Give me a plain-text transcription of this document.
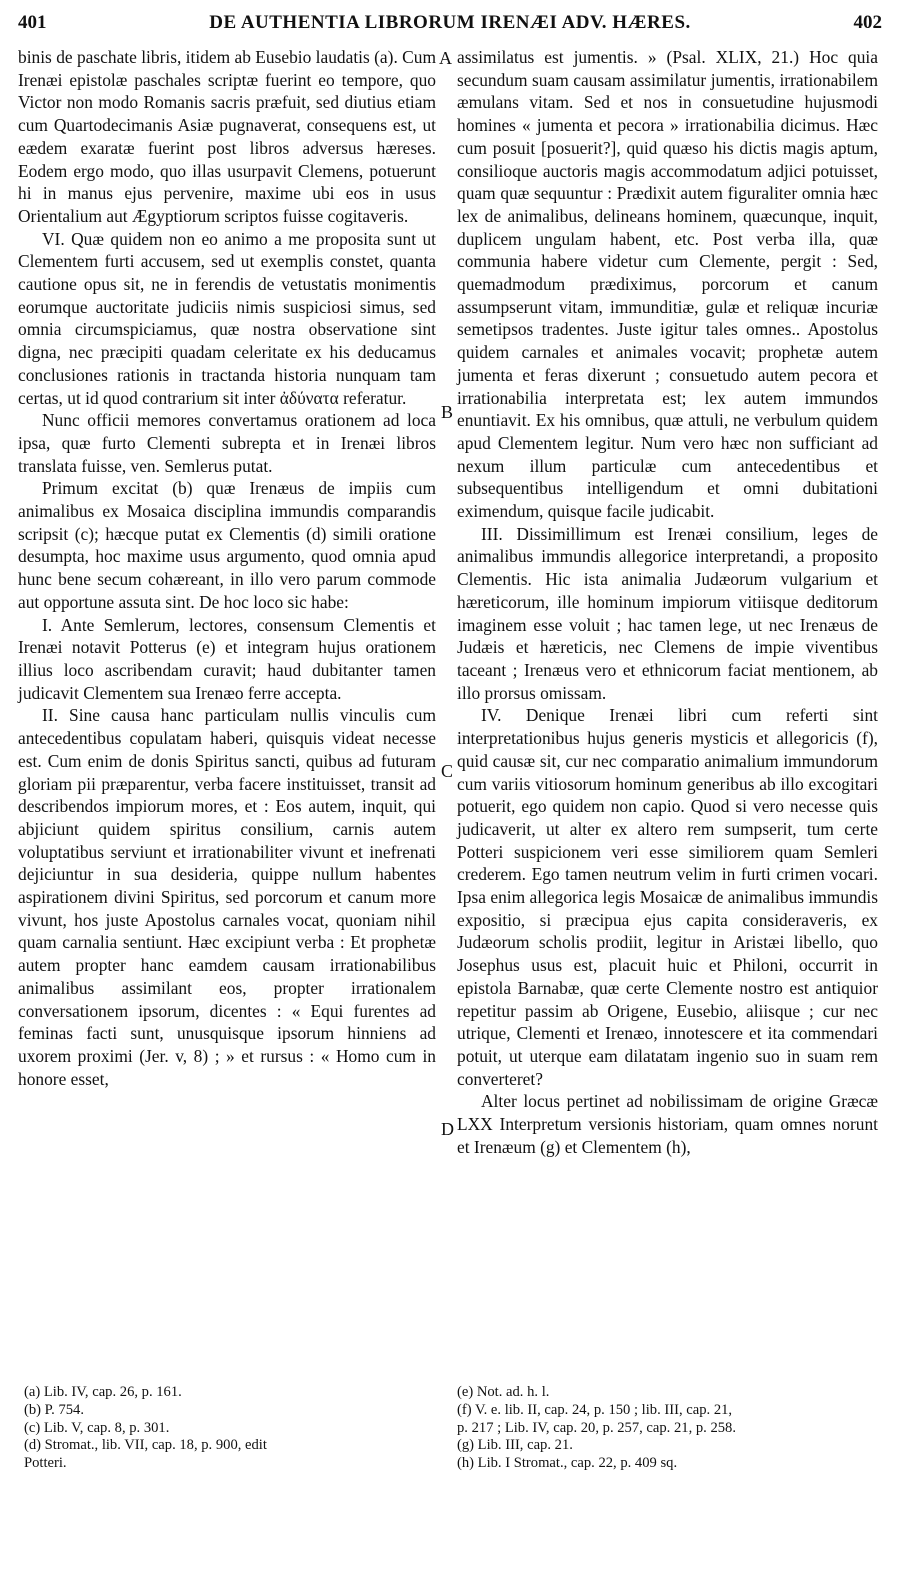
401	DE AUTHENTIA LIBRORUM IRENÆI ADV. HÆRES.	402
A
B
C
D

binis de paschate libris, itidem ab Eusebio laudatis (a). Cum Irenæi epistolæ paschales scriptæ fuerint eo tempore, quo Victor non modo Romanis sacris præfuit, sed diutius etiam cum Quartodecimanis Asiæ pugnaverat, consequens est, ut eædem exaratæ fuerint post libros adversus hæreses. Eodem ergo modo, quo illas usurpavit Clemens, potuerunt hi in manus ejus pervenire, maxime ubi eos in usus Orientalium aut Ægyptiorum scriptos fuisse cogitaveris.

VI. Quæ quidem non eo animo a me proposita sunt ut Clementem furti accusem, sed ut exemplis constet, quanta cautione opus sit, ne in ferendis de vetustatis monimentis eorumque auctoritate judiciis nimis suspiciosi simus, sed omnia circumspiciamus, quæ nostra observatione sint digna, nec præcipiti quadam celeritate ex his deducamus conclusiones rationis in tractanda historia nunquam tam certas, ut id quod contrarium sit inter ἀδύνατα referatur.

Nunc officii memores convertamus orationem ad loca ipsa, quæ furto Clementi subrepta et in Irenæi libros translata fuisse, ven. Semlerus putat.

Primum excitat (b) quæ Irenæus de impiis cum animalibus ex Mosaica disciplina immundis comparandis scripsit (c); hæcque putat ex Clementis (d) simili oratione desumpta, hoc maxime usus argumento, quod omnia apud hunc bene secum cohæreant, in illo vero parum commode aut opportune assuta sint. De hoc loco sic habe:

I. Ante Semlerum, lectores, consensum Clementis et Irenæi notavit Potterus (e) et integram hujus orationem illius loco ascribendam curavit; haud dubitanter tamen judicavit Clementem sua Irenæo ferre accepta.

II. Sine causa hanc particulam nullis vinculis cum antecedentibus copulatam haberi, quisquis videat necesse est. Cum enim de donis Spiritus sancti, quibus ad futuram gloriam pii præparentur, verba facere instituisset, transit ad describendos impiorum mores, et : Eos autem, inquit, qui abjiciunt quidem spiritus consilium, carnis autem voluptatibus serviunt et irrationabiliter vivunt et inefrenati dejiciuntur in sua desideria, quippe nullum habentes aspirationem divini Spiritus, sed porcorum et canum more vivunt, hos juste Apostolus carnales vocat, quoniam nihil quam carnalia sentiunt. Hæc excipiunt verba : Et prophetæ autem propter hanc eamdem causam irrationabilibus animalibus assimilant eos, propter irrationalem conversationem ipsorum, dicentes : « Equi furentes ad feminas facti sunt, unusquisque ipsorum hinniens ad uxorem proximi (Jer. v, 8) ; » et rursus : « Homo cum in honore esset,

assimilatus est jumentis. » (Psal. XLIX, 21.) Hoc quia secundum suam causam assimilatur jumentis, irrationabilem æmulans vitam. Sed et nos in consuetudine hujusmodi homines « jumenta et pecora » irrationabilia dicimus. Hæc cum posuit [posuerit?], quid quæso his dictis magis aptum, consilioque auctoris magis accommodatum adjici potuisset, quam quæ sequuntur : Prædixit autem figuraliter omnia hæc lex de animalibus, delineans hominem, quæcunque, inquit, duplicem ungulam habent, etc. Post verba illa, quæ communia habere videtur cum Clemente, pergit : Sed, quemadmodum prædiximus, porcorum et canum assumpserunt vitam, immunditiæ, gulæ et reliquæ incuriæ semetipsos tradentes. Juste igitur tales omnes.. Apostolus quidem carnales et animales vocavit; prophetæ autem jumenta et feras dixerunt ; consuetudo autem pecora et irrationabilia interpretata est; lex autem immundos enuntiavit. Ex his omnibus, quæ attuli, ne verbulum quidem apud Clementem legitur. Num vero hæc non sufficiant ad nexum illum particulæ cum antecedentibus et subsequentibus intelligendum et omni dubitationi eximendum, quisque facile judicabit.

III. Dissimillimum est Irenæi consilium, leges de animalibus immundis allegorice interpretandi, a proposito Clementis. Hic ista animalia Judæorum vulgarium et hæreticorum, ille hominum impiorum vitiisque deditorum imaginem esse voluit ; hac tamen lege, ut nec Irenæus de Judæis et hæreticis, nec Clemens de impie viventibus taceant ; Irenæus vero et ethnicorum faciat mentionem, ab illo prorsus omissam.

IV. Denique Irenæi libri cum referti sint interpretationibus hujus generis mysticis et allegoricis (f), quid causæ sit, cur nec comparatio animalium immundorum cum variis vitiosorum hominum generibus ab illo excogitari potuerit, ego quidem non capio. Quod si vero necesse quis judicaverit, ut alter ex altero rem sumpserit, tum certe Potteri suspicionem veri esse similiorem quam Semleri crederem. Ego tamen neutrum velim in furti crimen vocari. Ipsa enim allegorica legis Mosaicæ de animalibus immundis expositio, si præcipua ejus capita consideraveris, ex Judæorum scholis prodiit, legitur in Aristæi libello, quo Josephus usus est, placuit huic et Philoni, occurrit in epistola Barnabæ, quæ certe Clemente nostro est antiquior repetitur passim ab Origene, Eusebio, aliisque ; cur nec utrique, Clementi et Irenæo, innotescere et ita commendari potuit, ut uterque eam dilatatam ingenio suo in suam rem converteret?

Alter locus pertinet ad nobilissimam de origine Græcæ LXX Interpretum versionis historiam, quam omnes norunt et Irenæum (g) et Clementem (h),

(a) Lib. IV, cap. 26, p. 161.
(b) P. 754.
(c) Lib. V, cap. 8, p. 301.
(d) Stromat., lib. VII, cap. 18, p. 900, edit
Potteri.
(e) Not. ad. h. l.
(f) V. e. lib. II, cap. 24, p. 150 ; lib. III, cap. 21,
p. 217 ; Lib. IV, cap. 20, p. 257, cap. 21, p. 258.
(g) Lib. III, cap. 21.
(h) Lib. I Stromat., cap. 22, p. 409 sq.
